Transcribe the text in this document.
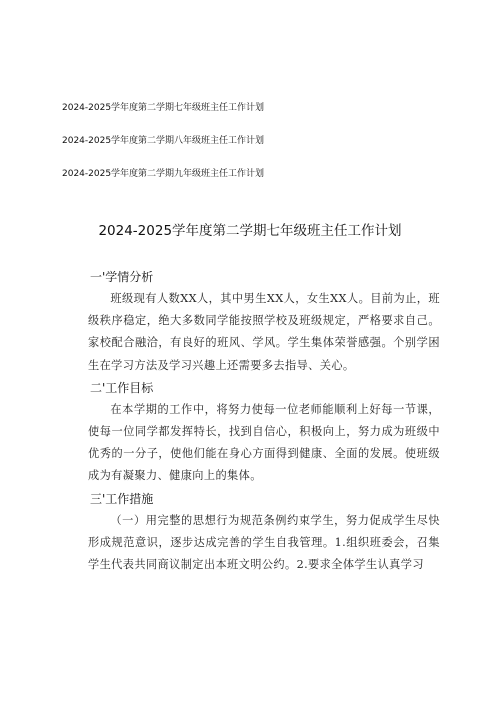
2024-2025学年度第二学期七年级班主任工作计划
2024-2025学年度第二学期八年级班主任工作计划
2024-2025学年度第二学期九年级班主任工作计划
2024-2025学年度第二学期七年级班主任工作计划
一'学情分析

班级现有人数XX人，其中男生XX人，女生XX人。目前为止，班级秩序稳定，绝大多数同学能按照学校及班级规定，严格要求自己。家校配合融洽，有良好的班风、学风。学生集体荣誉感强。个别学困生在学习方法及学习兴趣上还需要多去指导、关心。

二'工作目标

在本学期的工作中，将努力使每一位老师能顺利上好每一节课，使每一位同学都发挥特长，找到自信心，积极向上，努力成为班级中优秀的一分子，使他们能在身心方面得到健康、全面的发展。使班级成为有凝聚力、健康向上的集体。

三'工作措施

（一）用完整的思想行为规范条例约束学生，努力促成学生尽快形成规范意识，逐步达成完善的学生自我管理。1.组织班委会，召集学生代表共同商议制定出本班文明公约。2.要求全体学生认真学习
